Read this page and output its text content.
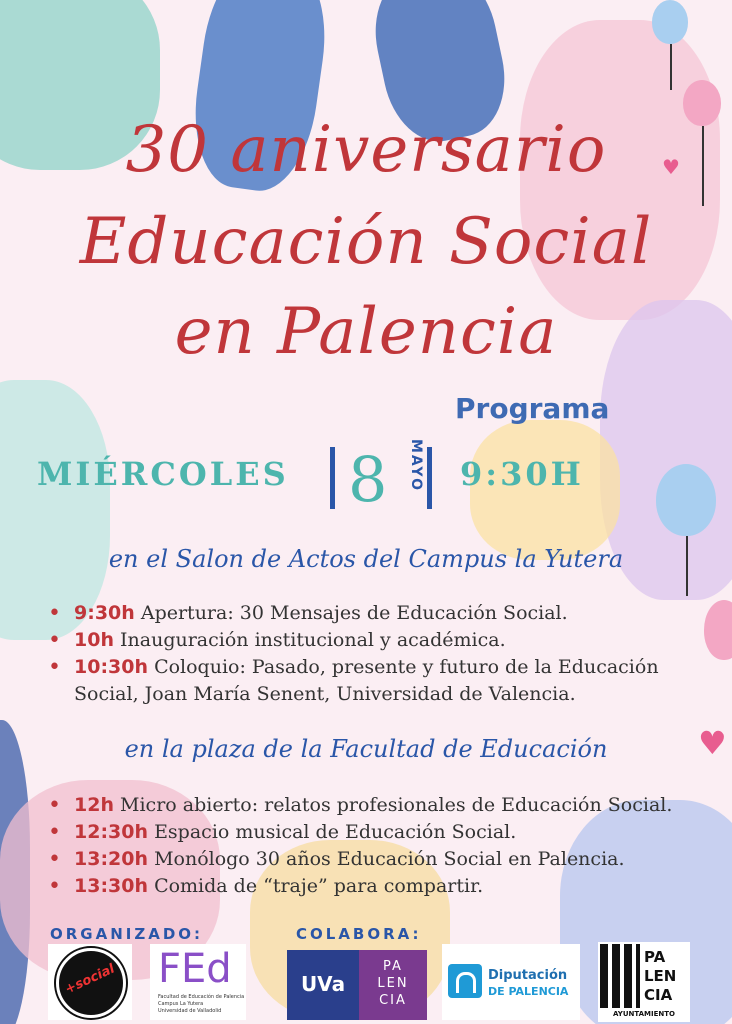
♥
♥
30 aniversario
Educación Social
en Palencia
Programa
MIÉRCOLES 8	MAYO 9:30H
en el Salon de Actos del Campus la Yutera
• 9:30h Apertura: 30 Mensajes de Educación Social.
• 10h Inauguración institucional y académica.
• 10:30h Coloquio: Pasado, presente y futuro de la Educación Social, Joan María Senent, Universidad de Valencia.
en la plaza de la Facultad de Educación
• 12h Micro abierto: relatos profesionales de Educación Social.
• 12:30h Espacio musical de Educación Social.
• 13:20h Monólogo 30 años Educación Social en Palencia.
• 13:30h Comida de “traje” para compartir.
ORGANIZADO:	COLABORA:
+social FEd
Facultad de Educación de Palencia
Campus La Yutera
Universidad de Valladolid
UVa
PA
LEN
CIA
Diputación
DE PALENCIA
PA LEN CIA
AYUNTAMIENTO
